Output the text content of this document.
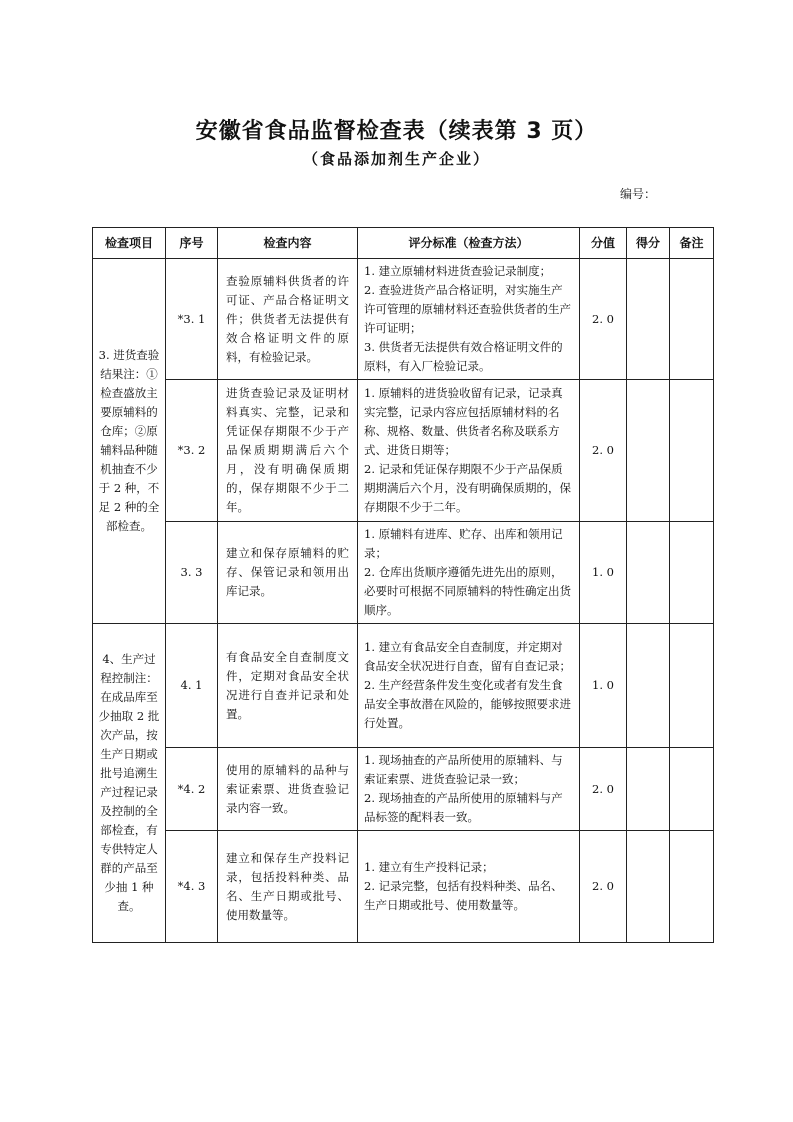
安徽省食品监督检查表（续表第 3 页）
（食品添加剂生产企业）
编号：
检查项目	序号	检查内容	评分标准（检查方法）	分值	得分	备注
3. 进货查验结果注：①检查盛放主要原辅料的仓库；②原辅料品种随机抽查不少于 2 种，不足 2 种的全部检查。	*3. 1	查验原辅料供货者的许可证、产品合格证明文件；供货者无法提供有效合格证明文件的原料，有检验记录。	1. 建立原辅材料进货查验记录制度；
2. 查验进货产品合格证明，对实施生产许可管理的原辅材料还查验供货者的生产许可证明；
3. 供货者无法提供有效合格证明文件的原料，有入厂检验记录。	2. 0		
	*3. 2	进货查验记录及证明材料真实、完整，记录和凭证保存期限不少于产品保质期期满后六个月，没有明确保质期的，保存期限不少于二年。	1. 原辅料的进货验收留有记录，记录真实完整，记录内容应包括原辅材料的名称、规格、数量、供货者名称及联系方式、进货日期等；
2. 记录和凭证保存期限不少于产品保质期期满后六个月，没有明确保质期的，保存期限不少于二年。	2. 0		
	3. 3	建立和保存原辅料的贮存、保管记录和领用出库记录。	1. 原辅料有进库、贮存、出库和领用记录；
2. 仓库出货顺序遵循先进先出的原则，必要时可根据不同原辅料的特性确定出货顺序。	1. 0		
4、生产过程控制注：在成品库至少抽取 2 批次产品，按生产日期或批号追溯生产过程记录及控制的全部检查，有专供特定人群的产品至少抽 1 种查。	4. 1	有食品安全自查制度文件，定期对食品安全状况进行自查并记录和处置。	1. 建立有食品安全自查制度，并定期对食品安全状况进行自查，留有自查记录；
2. 生产经营条件发生变化或者有发生食品安全事故潜在风险的，能够按照要求进行处置。	1. 0		
	*4. 2	使用的原辅料的品种与索证索票、进货查验记录内容一致。	1. 现场抽查的产品所使用的原辅料、与索证索票、进货查验记录一致；
2. 现场抽查的产品所使用的原辅料与产品标签的配料表一致。	2. 0		
	*4. 3	建立和保存生产投料记录，包括投料种类、品名、生产日期或批号、使用数量等。	1. 建立有生产投料记录；
2. 记录完整，包括有投料种类、品名、生产日期或批号、使用数量等。	2. 0		
